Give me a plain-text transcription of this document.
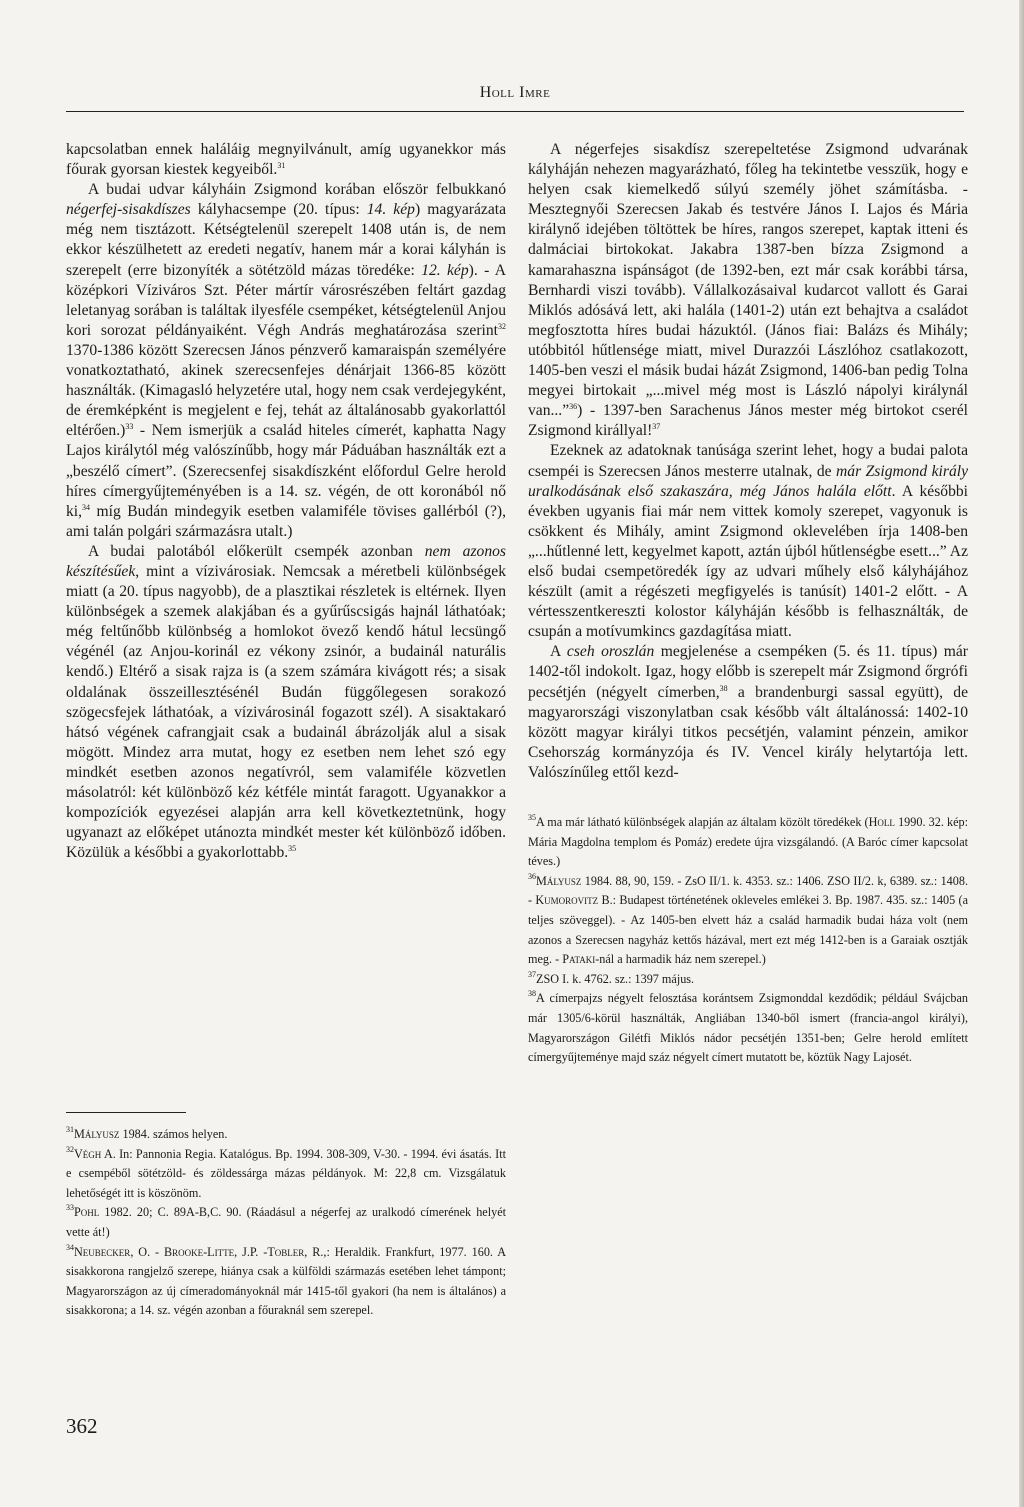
Holl Imre

kapcsolatban ennek haláláig megnyilvánult, amíg ugyanekkor más főurak gyorsan kiestek kegyeiből.$^{31}$

A budai udvar kályháin Zsigmond korában először felbukkanó négerfej-sisakdíszes kályhacsempe (20. típus: 14. kép) magyarázata még nem tisztázott. Kétségtelenül szerepelt 1408 után is, de nem ekkor készülhetett az eredeti negatív, hanem már a korai kályhán is szerepelt (erre bizonyíték a sötétzöld mázas töredéke: 12. kép). - A középkori Víziváros Szt. Péter mártír városrészében feltárt gazdag leletanyag sorában is találtak ilyesféle csempéket, kétségtelenül Anjou kori sorozat példányaiként. Végh András meghatározása szerint$^{32}$ 1370-1386 között Szerecsen János pénzverő kamaraispán személyére vonatkoztatható, akinek szerecsenfejes dénárjait 1366-85 között használták. (Kimagasló helyzetére utal, hogy nem csak verdejegyként, de éremképként is megjelent e fej, tehát az általánosabb gyakorlattól eltérően.)$^{33}$ - Nem ismerjük a család hiteles címerét, kaphatta Nagy Lajos királytól még valószínűbb, hogy már Páduában használták ezt a „beszélő címert”. (Szerecsenfej sisakdíszként előfordul Gelre herold híres címergyűjteményében is a 14. sz. végén, de ott koronából nő ki,$^{34}$ míg Budán mindegyik esetben valamiféle tövises gallérból (?), ami talán polgári származásra utalt.)

A budai palotából előkerült csempék azonban nem azonos készítésűek, mint a vízivárosiak. Nemcsak a méretbeli különbségek miatt (a 20. típus nagyobb), de a plasztikai részletek is eltérnek. Ilyen különbségek a szemek alakjában és a gyűrűscsigás hajnál láthatóak; még feltűnőbb különbség a homlokot övező kendő hátul lecsüngő végénél (az Anjou-korinál ez vékony zsinór, a budainál naturális kendő.) Eltérő a sisak rajza is (a szem számára kivágott rés; a sisak oldalának összeillesztésénél Budán függőlegesen sorakozó szögecsfejek láthatóak, a vízivárosinál fogazott szél). A sisaktakaró hátsó végének cafrangjait csak a budainál ábrázolják alul a sisak mögött. Mindez arra mutat, hogy ez esetben nem lehet szó egy mindkét esetben azonos negatívról, sem valamiféle közvetlen másolatról: két különböző kéz kétféle mintát faragott. Ugyanakkor a kompozíciók egyezései alapján arra kell következtetnünk, hogy ugyanazt az előképet utánozta mindkét mester két különböző időben. Közülük a későbbi a gyakorlottabb.$^{35}$

A négerfejes sisakdísz szerepeltetése Zsigmond udvarának kályháján nehezen magyarázható, főleg ha tekintetbe vesszük, hogy e helyen csak kiemelkedő súlyú személy jöhet számításba. - Mesztegnyői Szerecsen Jakab és testvére János I. Lajos és Mária királynő idejében töltöttek be híres, rangos szerepet, kaptak itteni és dalmáciai birtokokat. Jakabra 1387-ben bízza Zsigmond a kamarahaszna ispánságot (de 1392-ben, ezt már csak korábbi társa, Bernhardi viszi tovább). Vállalkozásaival kudarcot vallott és Garai Miklós adósává lett, aki halála (1401-2) után ezt behajtva a családot megfosztotta híres budai házuktól. (János fiai: Balázs és Mihály; utóbbitól hűtlensége miatt, mivel Durazzói Lászlóhoz csatlakozott, 1405-ben veszi el másik budai házát Zsigmond, 1406-ban pedig Tolna megyei birtokait „...mivel még most is László nápolyi királynál van...”$^{36}$) - 1397-ben Sarachenus János mester még birtokot cserél Zsigmond királlyal!$^{37}$

Ezeknek az adatoknak tanúsága szerint lehet, hogy a budai palota csempéi is Szerecsen János mesterre utalnak, de már Zsigmond király uralkodásának első szakaszára, még János halála előtt. A későbbi években ugyanis fiai már nem vittek komoly szerepet, vagyonuk is csökkent és Mihály, amint Zsigmond oklevelében írja 1408-ben „...hűtlenné lett, kegyelmet kapott, aztán újból hűtlenségbe esett...” Az első budai csempetöredék így az udvari műhely első kályhájához készült (amit a régészeti megfigyelés is tanúsít) 1401-2 előtt. - A vértesszentkereszti kolostor kályháján később is felhasználták, de csupán a motívumkincs gazdagítása miatt.

A cseh oroszlán megjelenése a csempéken (5. és 11. típus) már 1402-től indokolt. Igaz, hogy előbb is szerepelt már Zsigmond őrgrófi pecsétjén (négyelt címerben,$^{38}$ a brandenburgi sassal együtt), de magyarországi viszonylatban csak később vált általánossá: 1402-10 között magyar királyi titkos pecsétjén, valamint pénzein, amikor Csehország kormányzója és IV. Vencel király helytartója lett. Valószínűleg ettől kezd-

$^{31}$Mályusz 1984. számos helyen.

$^{32}$Végh A. In: Pannonia Regia. Katalógus. Bp. 1994. 308-309, V-30. - 1994. évi ásatás. Itt e csempéből sötétzöld- és zöldessárga mázas példányok. M: 22,8 cm. Vizsgálatuk lehetőségét itt is köszönöm.

$^{33}$Pohl 1982. 20; C. 89A-B,C. 90. (Ráadásul a négerfej az uralkodó címerének helyét vette át!)

$^{34}$Neubecker, O. - Brooke-Litte, J.P. -Tobler, R.,: Heraldik. Frankfurt, 1977. 160. A sisakkorona rangjelző szerepe, hiánya csak a külföldi származás esetében lehet támpont; Magyarországon az új címeradományoknál már 1415-től gyakori (ha nem is általános) a sisakkorona; a 14. sz. végén azonban a főuraknál sem szerepel.

$^{35}$A ma már látható különbségek alapján az általam közölt töredékek (Holl 1990. 32. kép: Mária Magdolna templom és Pomáz) eredete újra vizsgálandó. (A Baróc címer kapcsolat téves.)

$^{36}$Mályusz 1984. 88, 90, 159. - ZsO II/1. k. 4353. sz.: 1406. ZSO II/2. k, 6389. sz.: 1408. - Kumorovitz B.: Budapest történetének okleveles emlékei 3. Bp. 1987. 435. sz.: 1405 (a teljes szöveggel). - Az 1405-ben elvett ház a család harmadik budai háza volt (nem azonos a Szerecsen nagyház kettős házával, mert ezt még 1412-ben is a Garaiak osztják meg. - Pataki-nál a harmadik ház nem szerepel.)

$^{37}$ZSO I. k. 4762. sz.: 1397 május.

$^{38}$A címerpajzs négyelt felosztása korántsem Zsigmonddal kezdődik; például Svájcban már 1305/6-körül használták, Angliában 1340-ből ismert (francia-angol királyi), Magyarországon Gilétfi Miklós nádor pecsétjén 1351-ben; Gelre herold említett címergyűjteménye majd száz négyelt címert mutatott be, köztük Nagy Lajosét.

362
